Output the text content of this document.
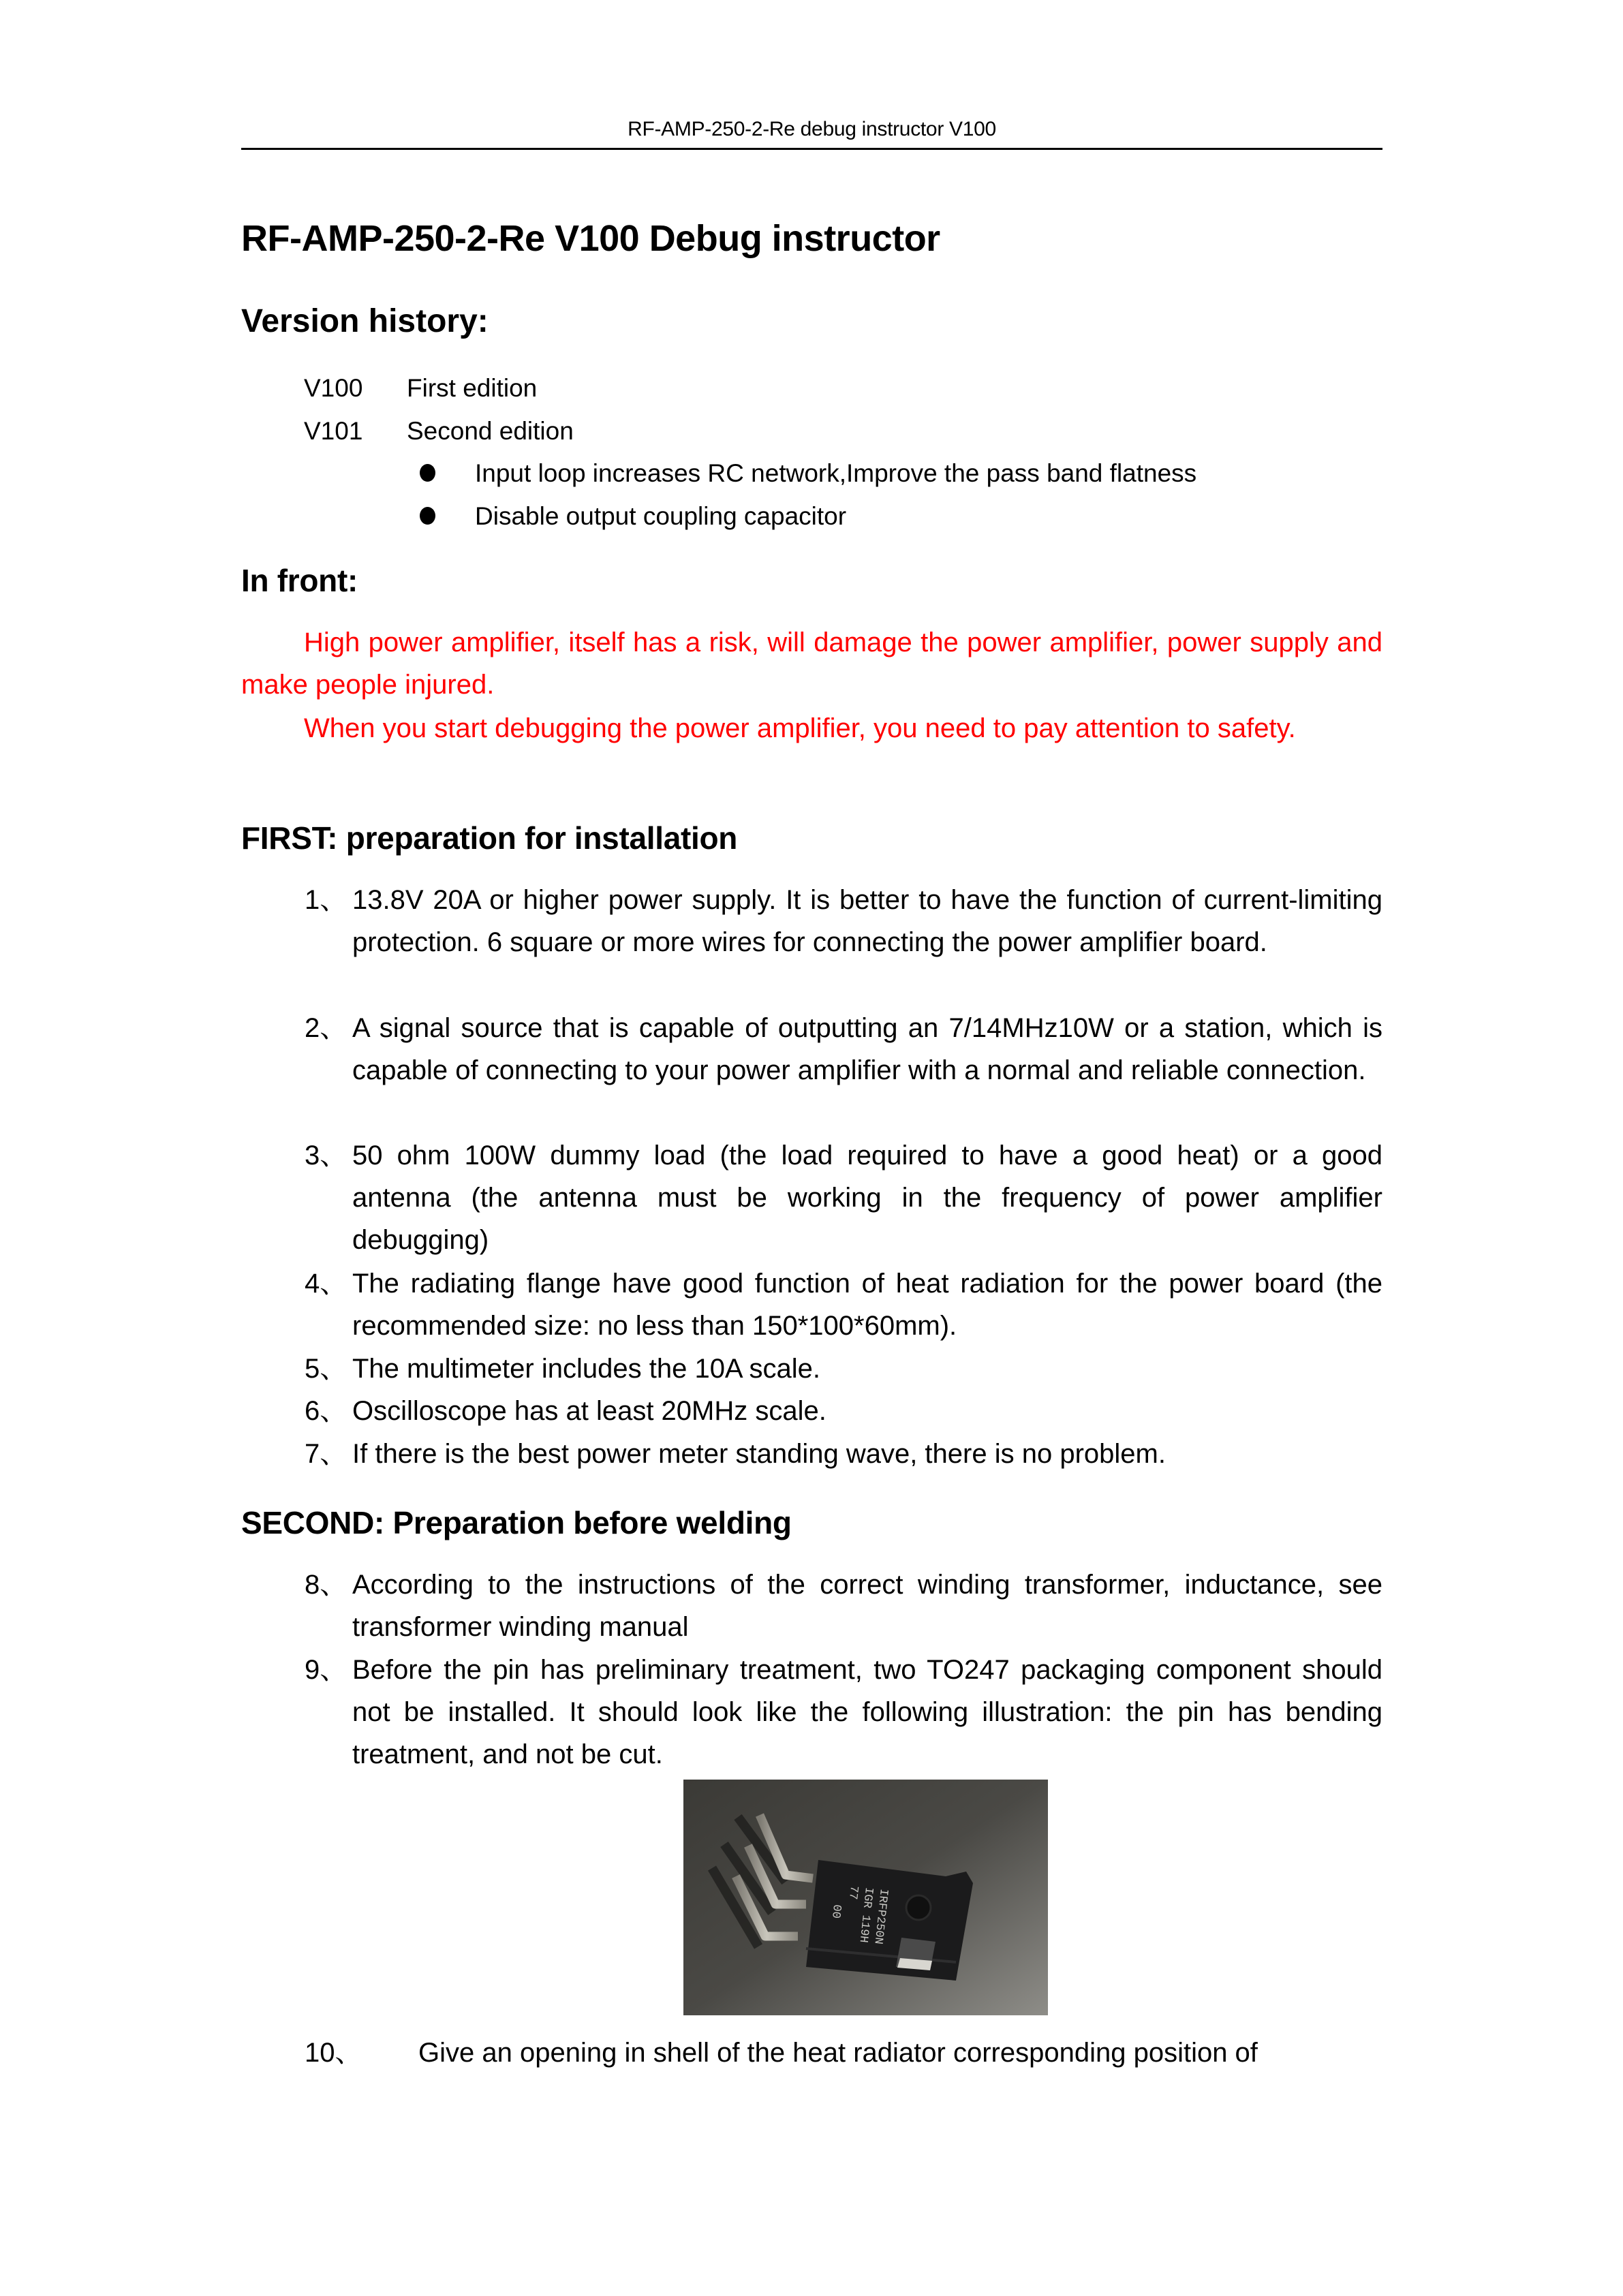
RF-AMP-250-2-Re debug instructor V100
RF-AMP-250-2-Re V100 Debug instructor
Version history:
V100 First edition
V101 Second edition
Input loop increases RC network,Improve the pass band flatness
Disable output coupling capacitor
In front:

High power amplifier, itself has a risk, will damage the power amplifier, power supply and make people injured.

When you start debugging the power amplifier, you need to pay attention to safety.

FIRST: preparation for installation
1、 13.8V 20A or higher power supply. It is better to have the function of current-limiting protection. 6 square or more wires for connecting the power amplifier board.
2、 A signal source that is capable of outputting an 7/14MHz10W or a station, which is capable of connecting to your power amplifier with a normal and reliable connection.
3、 50 ohm 100W dummy load (the load required to have a good heat) or a good antenna (the antenna must be working in the frequency of power amplifier debugging)
4、 The radiating flange have good function of heat radiation for the power board (the recommended size: no less than 150*100*60mm).
5、 The multimeter includes the 10A scale.
6、 Oscilloscope has at least 20MHz scale.
7、 If there is the best power meter standing wave, there is no problem.
SECOND: Preparation before welding
8、 According to the instructions of the correct winding transformer, inductance, see transformer winding manual
9、 Before the pin has preliminary treatment, two TO247 packaging component should not be installed. It should look like the following illustration: the pin has bending treatment, and not be cut.
10、 Give an opening in shell of the heat radiator corresponding position of
IRFP250N
IGR 119H
77
00
